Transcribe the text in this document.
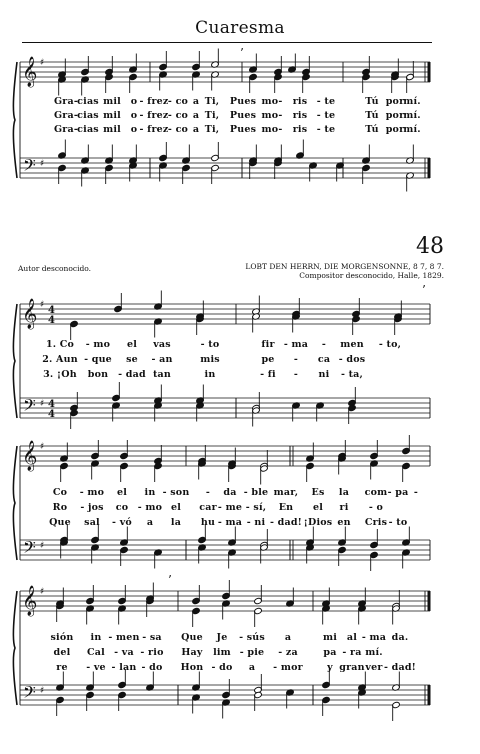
Cuaresma
48
Autor desconocido.	LOBT DEN HERRN, DIE MORGENSONNE, 8 7, 8 7.
Compositor desconocido, Halle, 1829.
𝄞
𝄢
♯
♯
𝄞
𝄢
♯
♯
4
4
4
4
𝄞
𝄢
♯
♯
𝄞
𝄢
♯
♯
’
’
’
Gra- cias mil o - frez - co a Ti, Pues mo- ris - te	Tú por
mí.
Gra- cias mil o - frez - co a Ti, Pues mo- ris - te	Tú por
mí.
Gra- cias mil o - frez - co a Ti, Pues mo- ris - te	Tú por
mí.
1. Co - mo el vas	- to	fir - ma - men - to,
2. Aun - que se - an	mis	pe - ca - dos
3. ¡Oh bon - dad tan	in	- fi - ni - ta,
Co - mo el in - son - da - ble mar, Es la com - pa -
Ro - jos co - mo el car - me - sí, En el ri - o
Que sal - vó a la hu - ma - ni - dad! ¡Dios en Cris - to
sión in - men - sa Que Je - sús a	mi al - ma da.
del Cal - va - rio Hay lim - pie - za	pa - ra mí.
re - ve - lan - do Hon - do a - mor	y gran ver - dad!
